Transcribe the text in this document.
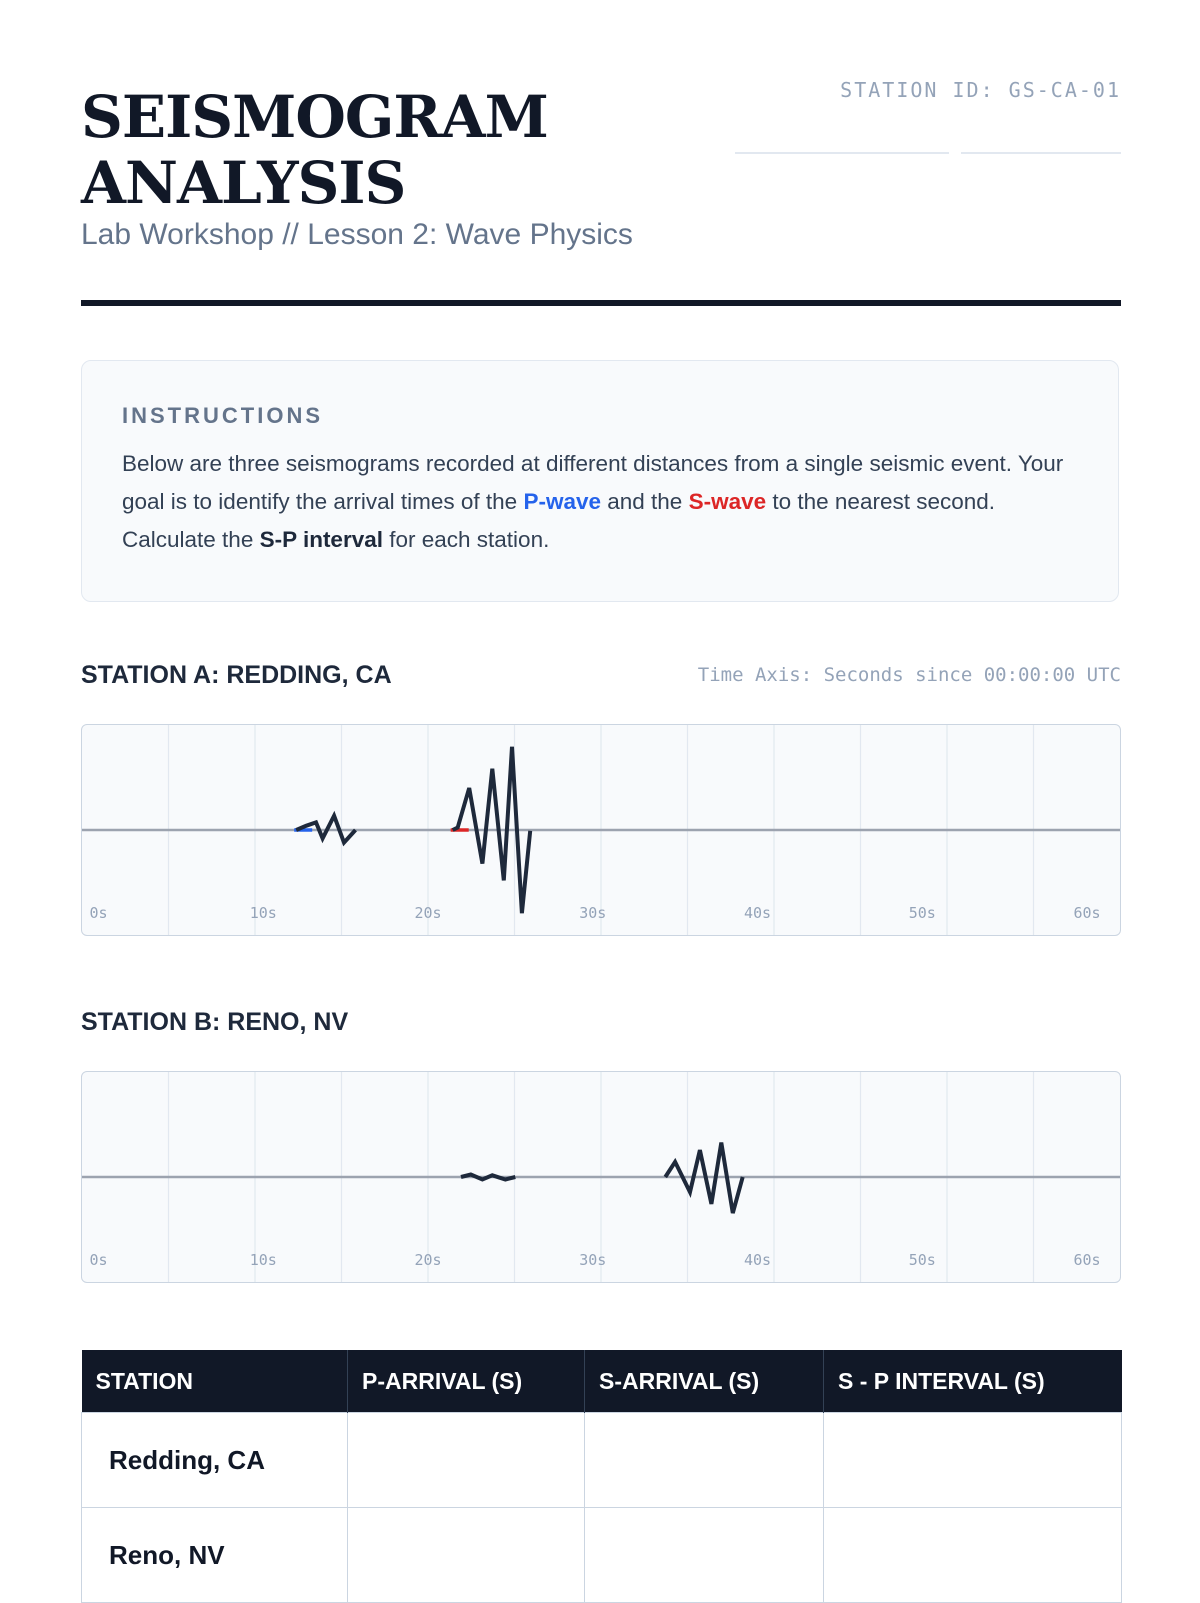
SEISMOGRAM
ANALYSIS
Lab Workshop // Lesson 2: Wave Physics
STATION ID: GS-CA-01
INSTRUCTIONS
Below are three seismograms recorded at different distances from a single seismic event. Your goal is to identify the arrival times of the P-wave and the S-wave to the nearest second. Calculate the S-P interval for each station.
STATION A: REDDING, CA	Time Axis: Seconds since 00:00:00 UTC
0s	10s	20s	30s	40s	50s	60s
STATION B: RENO, NV
0s	10s	20s	30s	40s	50s	60s
STATION	P-ARRIVAL (S)	S-ARRIVAL (S)	S - P INTERVAL (S)
Redding, CA			
Reno, NV			
